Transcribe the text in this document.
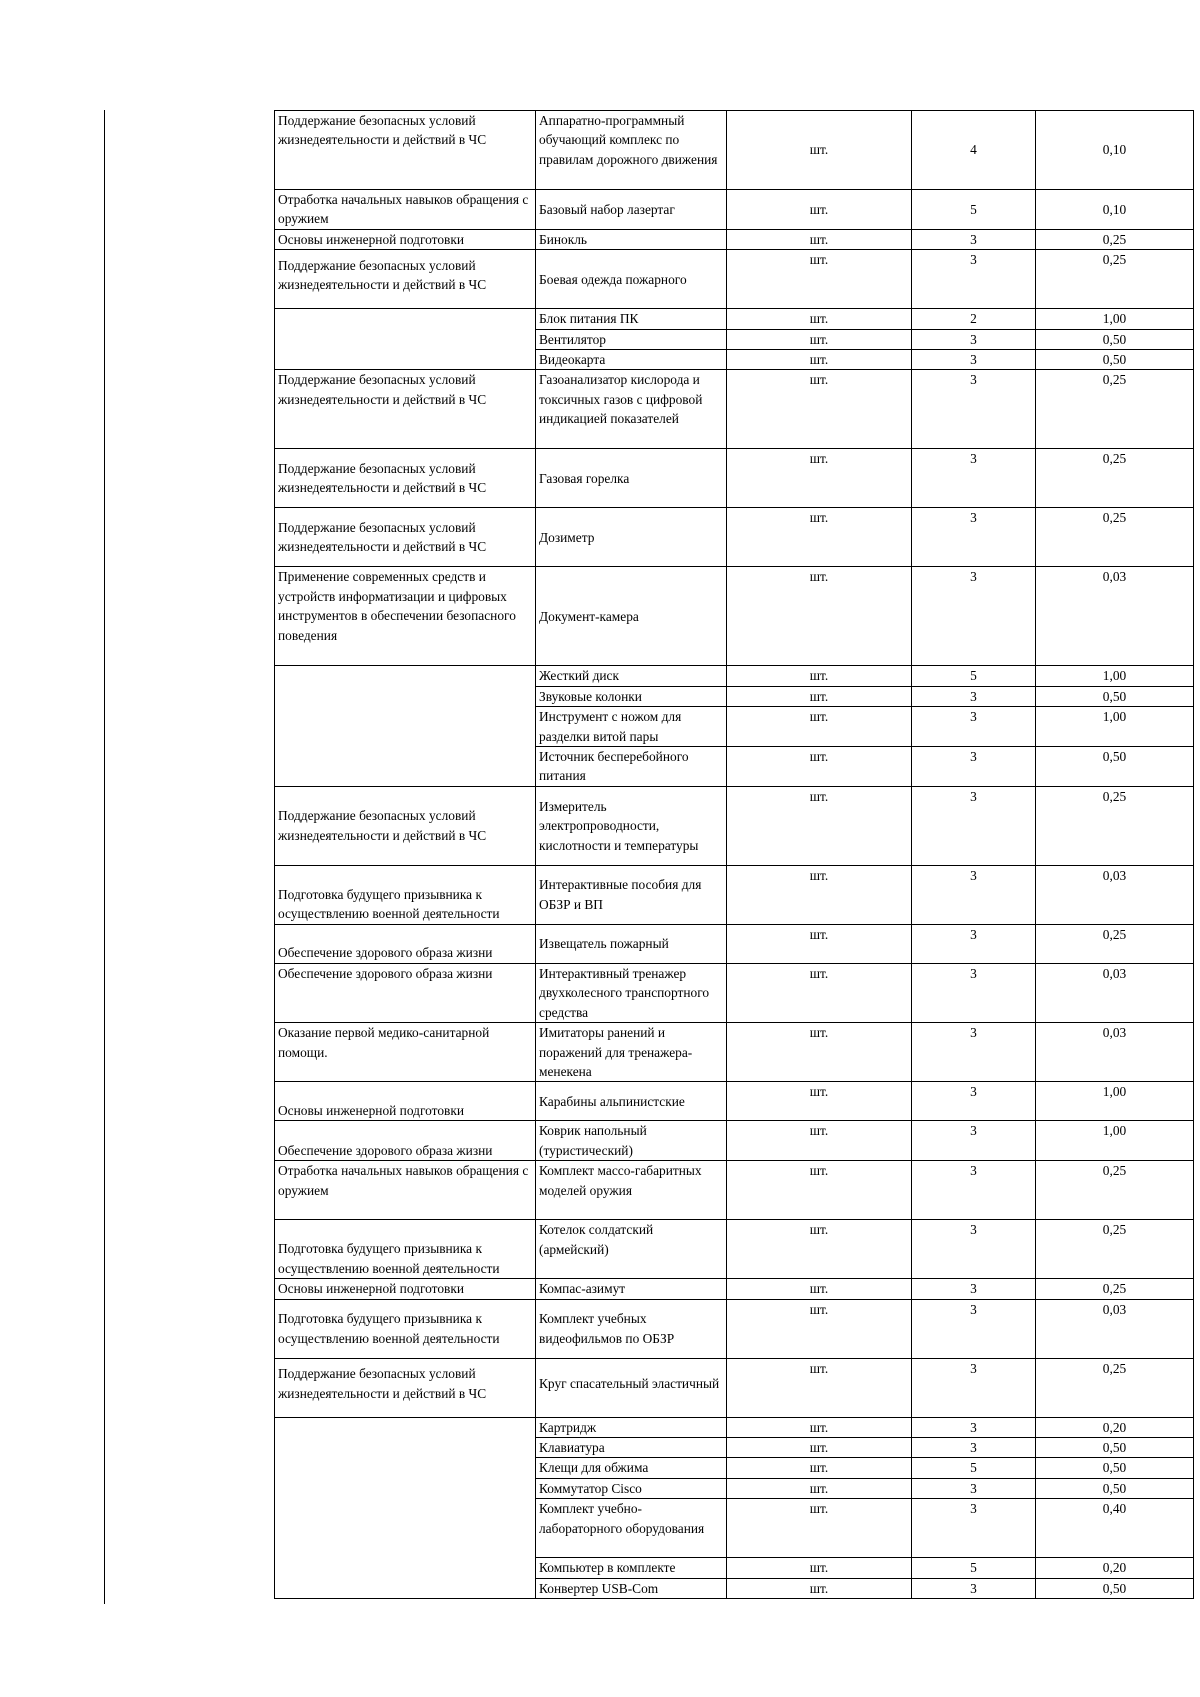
Поддержание безопасных условий жизнедеятельности и действий в ЧС	Аппаратно-программный обучающий комплекс по правилам дорожного движения	шт.	4	0,10
Отработка начальных навыков обращения с оружием	Базовый набор лазертаг	шт.	5	0,10
Основы инженерной подготовки	Бинокль	шт.	3	0,25
Поддержание безопасных условий жизнедеятельности и действий в ЧС	Боевая одежда пожарного	шт.	3	0,25
	Блок питания ПК	шт.	2	1,00
	Вентилятор	шт.	3	0,50
	Видеокарта	шт.	3	0,50
Поддержание безопасных условий жизнедеятельности и действий в ЧС	Газоанализатор кислорода и токсичных газов с цифровой индикацией показателей	шт.	3	0,25
Поддержание безопасных условий жизнедеятельности и действий в ЧС	Газовая горелка	шт.	3	0,25
Поддержание безопасных условий жизнедеятельности и действий в ЧС	Дозиметр	шт.	3	0,25
Применение современных средств и устройств информатизации и цифровых инструментов в обеспечении безопасного поведения	Документ-камера	шт.	3	0,03
	Жесткий диск	шт.	5	1,00
	Звуковые колонки	шт.	3	0,50
	Инструмент с ножом для разделки витой пары	шт.	3	1,00
	Источник бесперебойного питания	шт.	3	0,50
Поддержание безопасных условий жизнедеятельности и действий в ЧС	Измеритель электропроводности, кислотности и температуры	шт.	3	0,25
Подготовка будущего призывника к осуществлению военной деятельности	Интерактивные пособия для ОБЗР и ВП	шт.	3	0,03
Обеспечение здорового образа жизни	Извещатель пожарный	шт.	3	0,25
Обеспечение здорового образа жизни	Интерактивный тренажер двухколесного транспортного средства	шт.	3	0,03
Оказание первой медико-санитарной помощи.	Имитаторы ранений и поражений для тренажера-менекена	шт.	3	0,03
Основы инженерной подготовки	Карабины альпинистские	шт.	3	1,00
Обеспечение здорового образа жизни	Коврик напольный (туристический)	шт.	3	1,00
Отработка начальных навыков обращения с оружием	Комплект массо-габаритных моделей оружия	шт.	3	0,25
Подготовка будущего призывника к осуществлению военной деятельности	Котелок солдатский (армейский)	шт.	3	0,25
Основы инженерной подготовки	Компас-азимут	шт.	3	0,25
Подготовка будущего призывника к осуществлению военной деятельности	Комплект учебных видеофильмов по ОБЗР	шт.	3	0,03
Поддержание безопасных условий жизнедеятельности и действий в ЧС	Круг спасательный эластичный	шт.	3	0,25
	Картридж	шт.	3	0,20
	Клавиатура	шт.	3	0,50
	Клещи для обжима	шт.	5	0,50
	Коммутатор Cisco	шт.	3	0,50
	Комплект учебно-лабораторного оборудования	шт.	3	0,40
	Компьютер в комплекте	шт.	5	0,20
	Конвертер USB-Com	шт.	3	0,50
